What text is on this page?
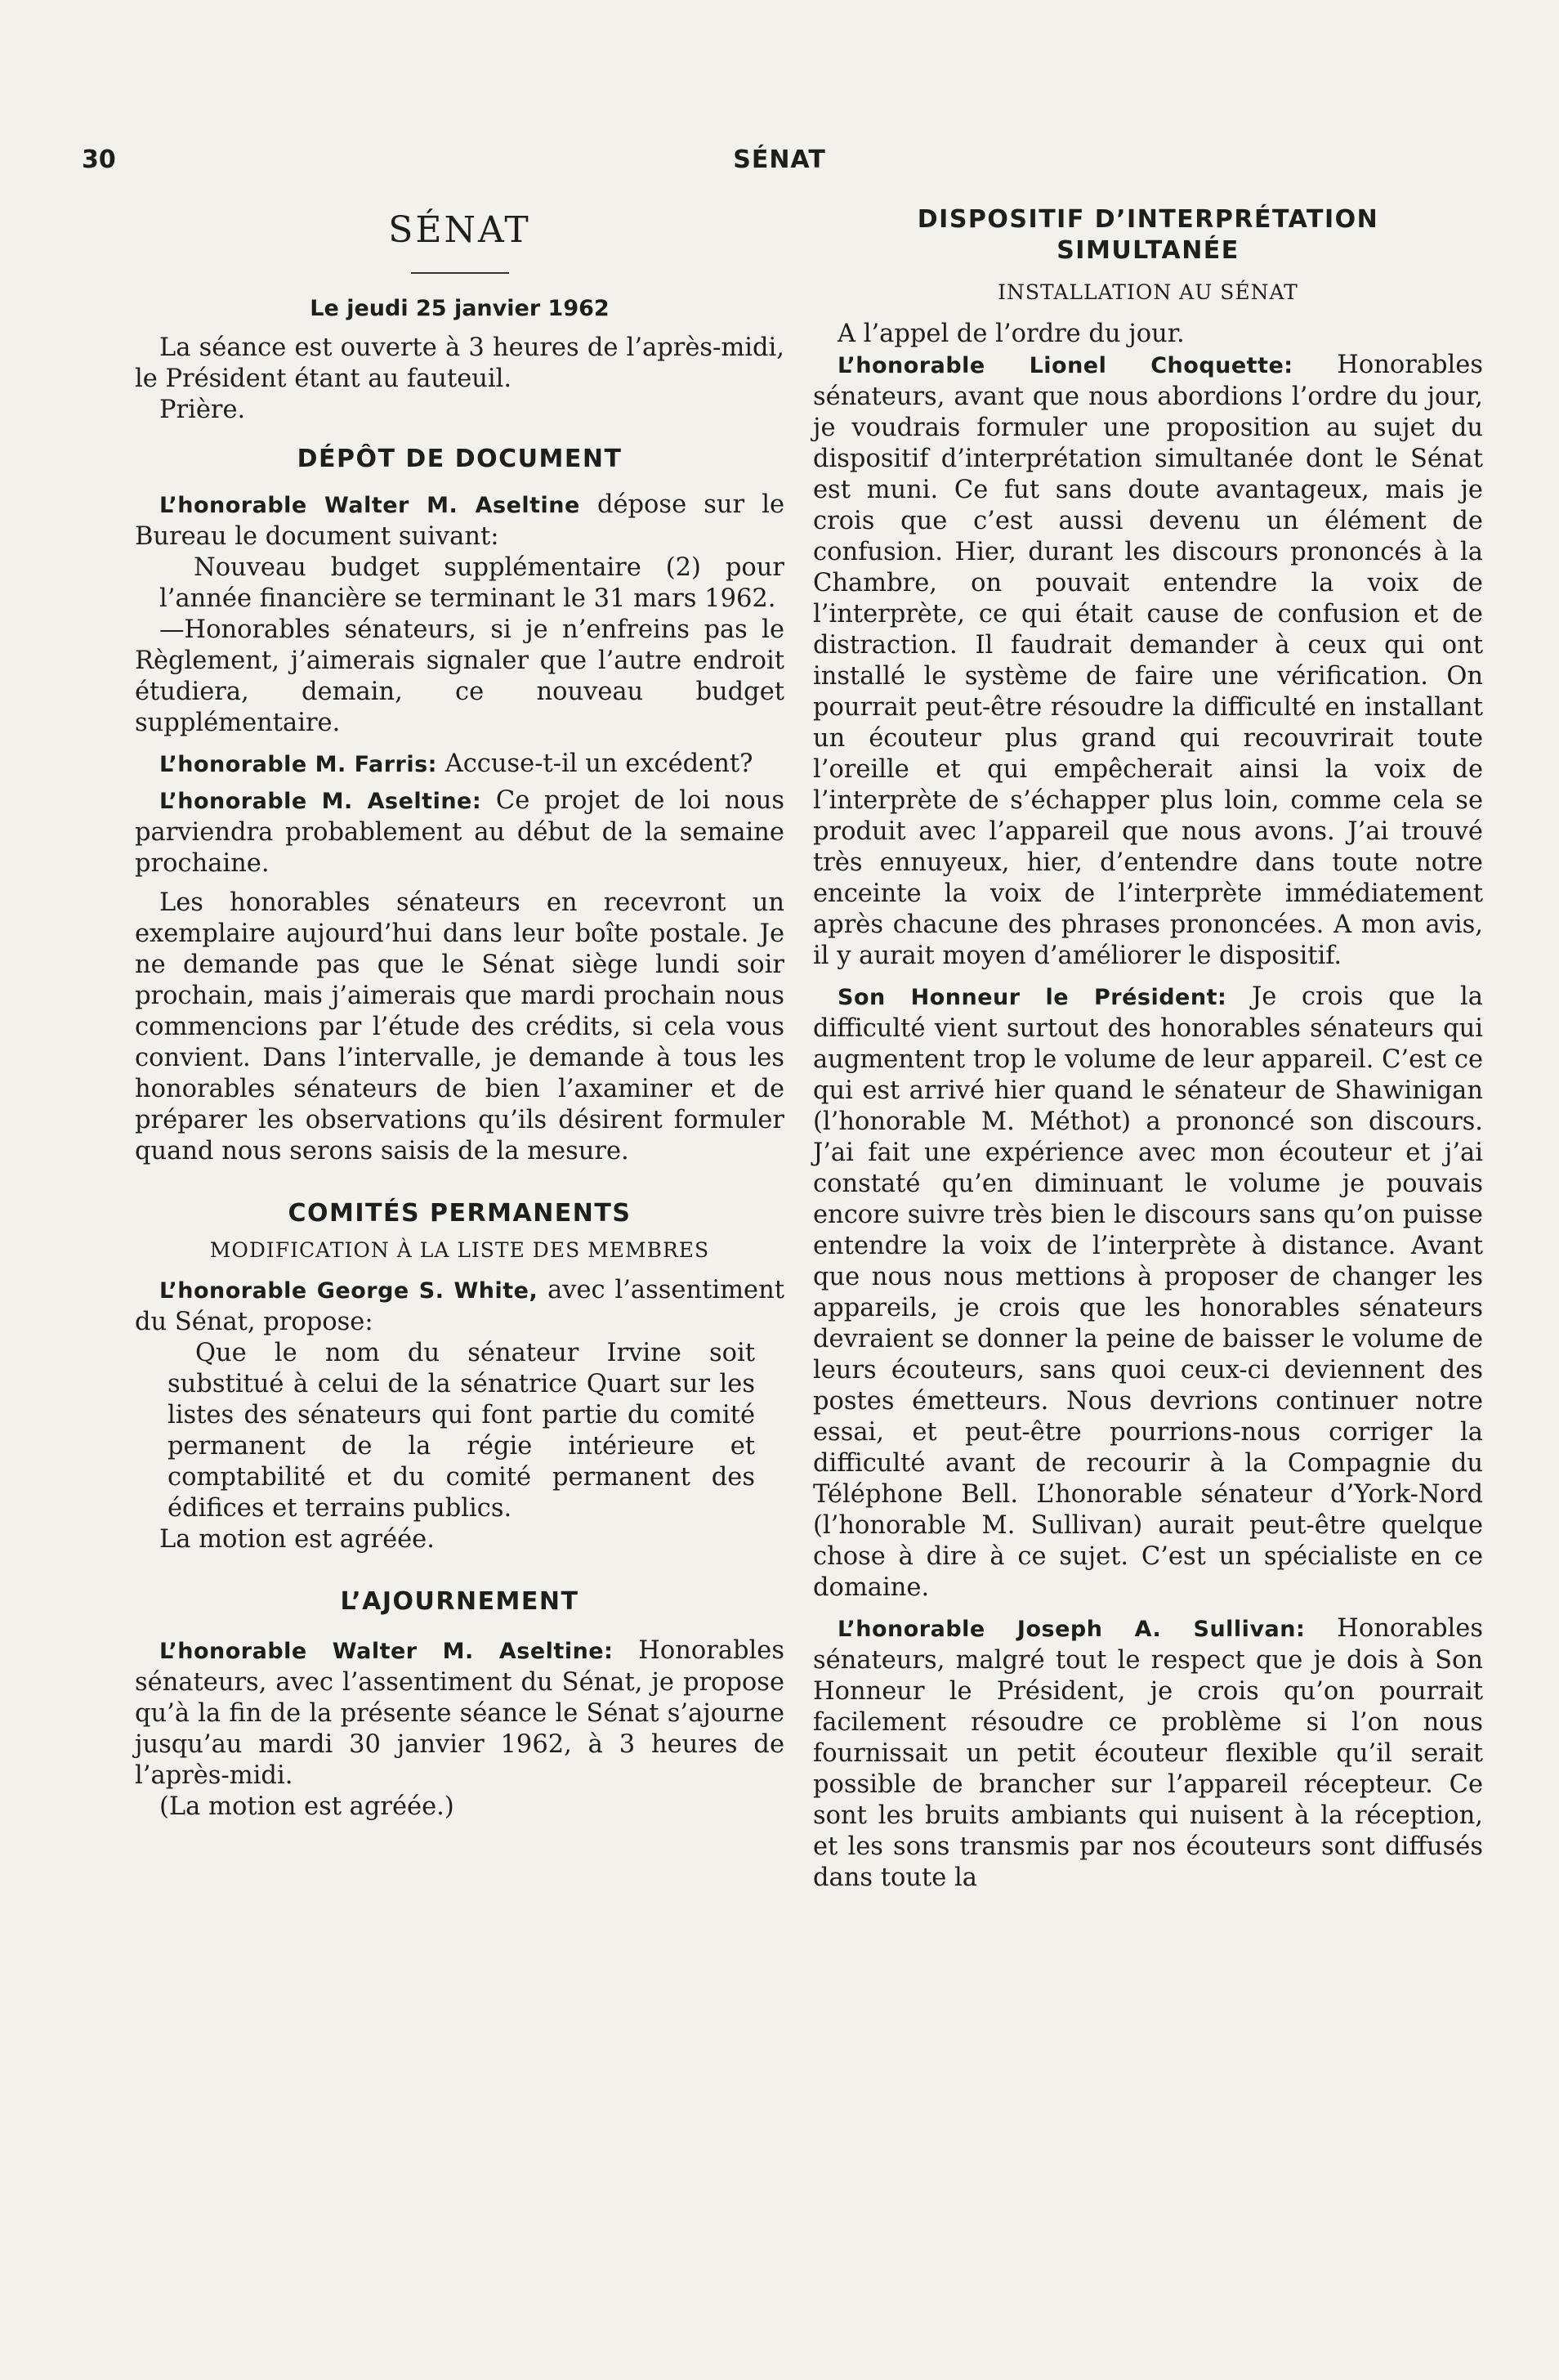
30	SÉNAT
SÉNAT
Le jeudi 25 janvier 1962

La séance est ouverte à 3 heures de l’après-midi, le Président étant au fauteuil.

Prière.

DÉPÔT DE DOCUMENT

L’honorable Walter M. Aseltine dépose sur le Bureau le document suivant:

Nouveau budget supplémentaire (2) pour l’année financière se terminant le 31 mars 1962.

—Honorables sénateurs, si je n’enfreins pas le Règlement, j’aimerais signaler que l’autre endroit étudiera, demain, ce nouveau budget supplémentaire.

L’honorable M. Farris: Accuse-t-il un excédent?

L’honorable M. Aseltine: Ce projet de loi nous parviendra probablement au début de la semaine prochaine.

Les honorables sénateurs en recevront un exemplaire aujourd’hui dans leur boîte postale. Je ne demande pas que le Sénat siège lundi soir prochain, mais j’aimerais que mardi prochain nous commencions par l’étude des crédits, si cela vous convient. Dans l’intervalle, je demande à tous les honorables sénateurs de bien l’axaminer et de préparer les observations qu’ils désirent formuler quand nous serons saisis de la mesure.

COMITÉS PERMANENTS
MODIFICATION À LA LISTE DES MEMBRES

L’honorable George S. White, avec l’assentiment du Sénat, propose:

Que le nom du sénateur Irvine soit substitué à celui de la sénatrice Quart sur les listes des sénateurs qui font partie du comité permanent de la régie intérieure et comptabilité et du comité permanent des édifices et terrains publics.

La motion est agréée.

L’AJOURNEMENT

L’honorable Walter M. Aseltine: Honorables sénateurs, avec l’assentiment du Sénat, je propose qu’à la fin de la présente séance le Sénat s’ajourne jusqu’au mardi 30 janvier 1962, à 3 heures de l’après-midi.

(La motion est agréée.)

DISPOSITIF D’INTERPRÉTATION SIMULTANÉE
INSTALLATION AU SÉNAT

A l’appel de l’ordre du jour.

L’honorable Lionel Choquette: Honorables sénateurs, avant que nous abordions l’ordre du jour, je voudrais formuler une proposition au sujet du dispositif d’interprétation simultanée dont le Sénat est muni. Ce fut sans doute avantageux, mais je crois que c’est aussi devenu un élément de confusion. Hier, durant les discours prononcés à la Chambre, on pouvait entendre la voix de l’interprète, ce qui était cause de confusion et de distraction. Il faudrait demander à ceux qui ont installé le système de faire une vérification. On pourrait peut-être résoudre la difficulté en installant un écouteur plus grand qui recouvrirait toute l’oreille et qui empêcherait ainsi la voix de l’interprète de s’échapper plus loin, comme cela se produit avec l’appareil que nous avons. J’ai trouvé très ennuyeux, hier, d’entendre dans toute notre enceinte la voix de l’interprète immédiatement après chacune des phrases prononcées. A mon avis, il y aurait moyen d’améliorer le dispositif.

Son Honneur le Président: Je crois que la difficulté vient surtout des honorables sénateurs qui augmentent trop le volume de leur appareil. C’est ce qui est arrivé hier quand le sénateur de Shawinigan (l’honorable M. Méthot) a prononcé son discours. J’ai fait une expérience avec mon écouteur et j’ai constaté qu’en diminuant le volume je pouvais encore suivre très bien le discours sans qu’on puisse entendre la voix de l’interprète à distance. Avant que nous nous mettions à proposer de changer les appareils, je crois que les honorables sénateurs devraient se donner la peine de baisser le volume de leurs écouteurs, sans quoi ceux-ci deviennent des postes émetteurs. Nous devrions continuer notre essai, et peut-être pourrions-nous corriger la difficulté avant de recourir à la Compagnie du Téléphone Bell. L’honorable sénateur d’York-Nord (l’honorable M. Sullivan) aurait peut-être quelque chose à dire à ce sujet. C’est un spécialiste en ce domaine.

L’honorable Joseph A. Sullivan: Honorables sénateurs, malgré tout le respect que je dois à Son Honneur le Président, je crois qu’on pourrait facilement résoudre ce problème si l’on nous fournissait un petit écouteur flexible qu’il serait possible de brancher sur l’appareil récepteur. Ce sont les bruits ambiants qui nuisent à la réception, et les sons transmis par nos écouteurs sont diffusés dans toute la
